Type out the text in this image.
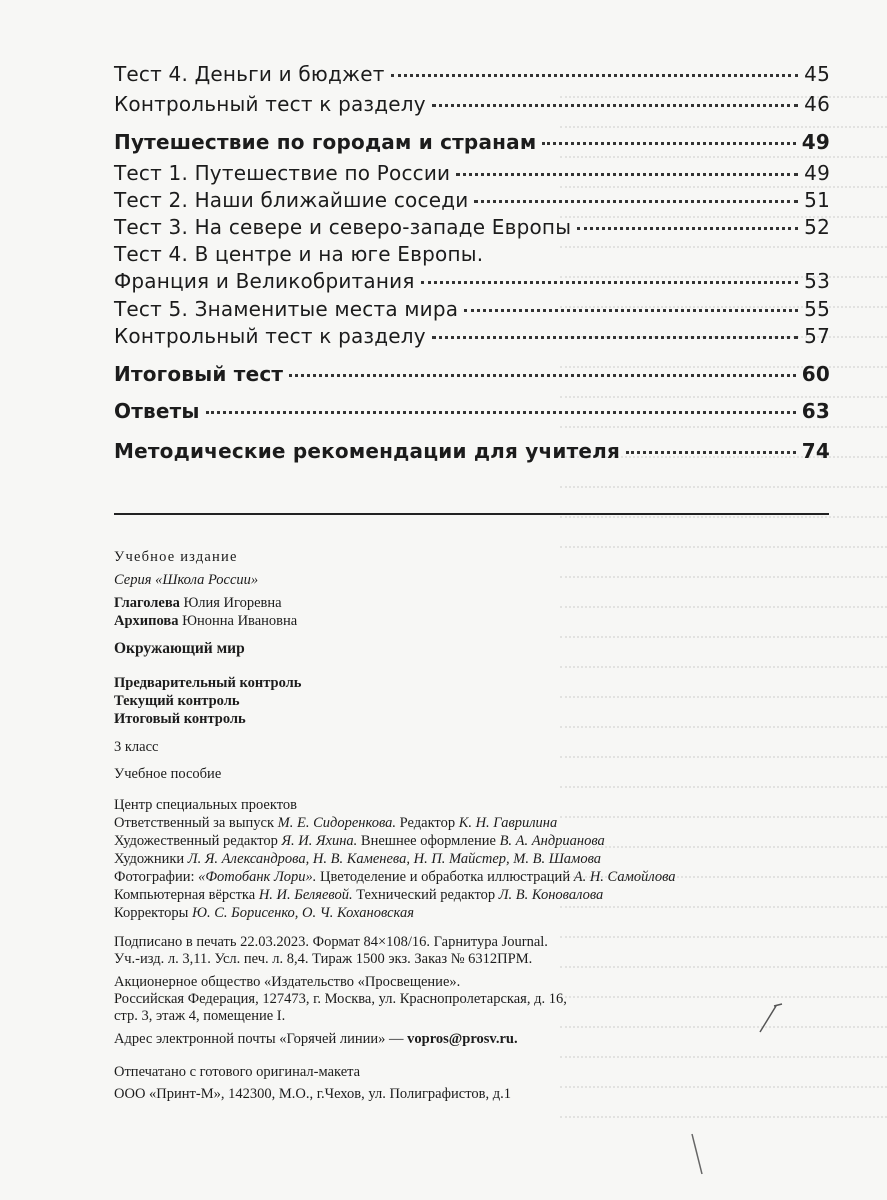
Тест 4. Деньги и бюджет	45
Контрольный тест к разделу	46
Путешествие по городам и странам	49
Тест 1. Путешествие по России	49
Тест 2. Наши ближайшие соседи	51
Тест 3. На севере и северо-западе Европы	52
Тест 4. В центре и на юге Европы.
Франция и Великобритания	53
Тест 5. Знаменитые места мира	55
Контрольный тест к разделу	57
Итоговый тест	60
Ответы	63
Методические рекомендации для учителя	74
Учебное издание
Серия «Школа России»
Глаголева Юлия Игоревна
Архипова Юнонна Ивановна
Окружающий мир
Предварительный контроль
Текущий контроль
Итоговый контроль
3 класс
Учебное пособие
Центр специальных проектов
Ответственный за выпуск М. Е. Сидоренкова. Редактор К. Н. Гаврилина
Художественный редактор Я. И. Яхина. Внешнее оформление В. А. Андрианова
Художники Л. Я. Александрова, Н. В. Каменева, Н. П. Майстер, М. В. Шамова
Фотографии: «Фотобанк Лори». Цветоделение и обработка иллюстраций А. Н. Самойлова
Компьютерная вёрстка Н. И. Беляевой. Технический редактор Л. В. Коновалова
Корректоры Ю. С. Борисенко, О. Ч. Кохановская
Подписано в печать 22.03.2023. Формат 84×108/16. Гарнитура Journal.
Уч.-изд. л. 3,11. Усл. печ. л. 8,4. Тираж 1500 экз. Заказ № 6312ПРМ.
Акционерное общество «Издательство «Просвещение».
Российская Федерация, 127473, г. Москва, ул. Краснопролетарская, д. 16,
стр. 3, этаж 4, помещение I.
Адрес электронной почты «Горячей линии» — vopros@prosv.ru.
Отпечатано с готового оригинал-макета
ООО «Принт-М», 142300, М.О., г.Чехов, ул. Полиграфистов, д.1
